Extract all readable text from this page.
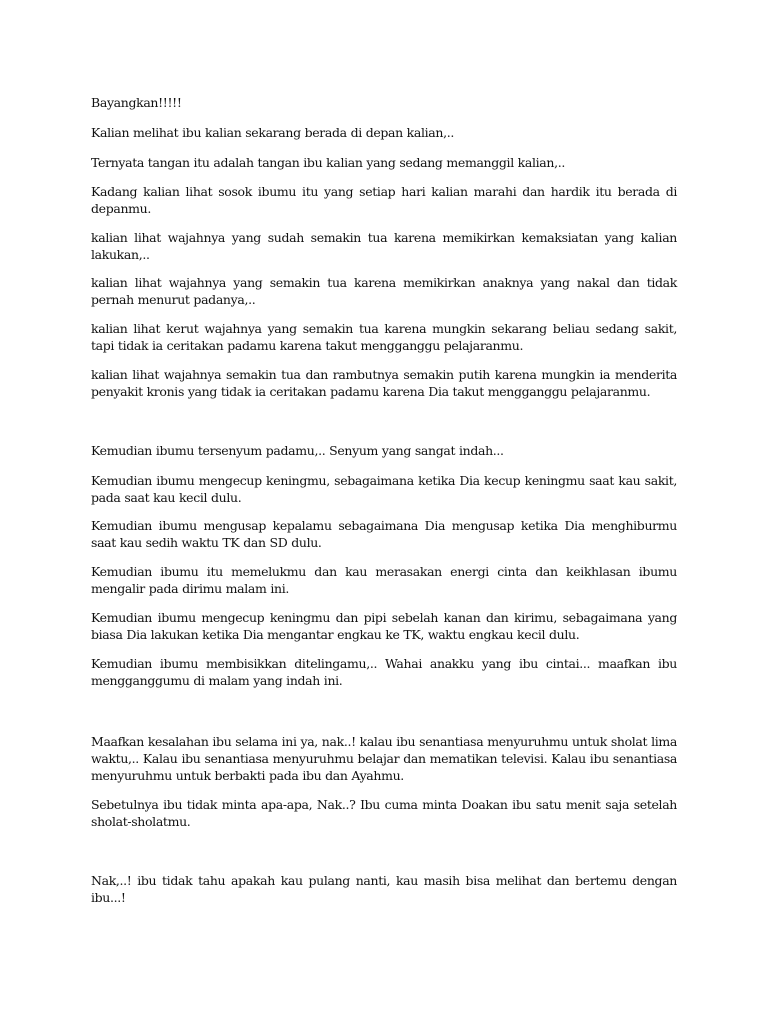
Bayangkan!!!!!

Kalian melihat ibu kalian sekarang berada di depan kalian,..

Ternyata tangan itu adalah tangan ibu kalian yang sedang memanggil kalian,..

Kadang kalian lihat sosok ibumu itu yang setiap hari kalian marahi dan hardik itu berada di depanmu.

kalian lihat wajahnya yang sudah semakin tua karena memikirkan kemaksiatan yang kalian lakukan,..

kalian lihat wajahnya yang semakin tua karena memikirkan anaknya yang nakal dan tidak pernah menurut padanya,..

kalian lihat kerut wajahnya yang semakin tua karena mungkin sekarang beliau sedang sakit, tapi tidak ia ceritakan padamu karena takut mengganggu pelajaranmu.

kalian lihat wajahnya semakin tua dan rambutnya semakin putih karena mungkin ia menderita penyakit kronis yang tidak ia ceritakan padamu karena Dia takut mengganggu pelajaranmu.

Kemudian ibumu tersenyum padamu,.. Senyum yang sangat indah...

Kemudian ibumu mengecup keningmu, sebagaimana ketika Dia kecup keningmu saat kau sakit, pada saat kau kecil dulu.

Kemudian ibumu mengusap kepalamu sebagaimana Dia mengusap ketika Dia menghiburmu saat kau sedih waktu TK dan SD dulu.

Kemudian ibumu itu memelukmu dan kau merasakan energi cinta dan keikhlasan ibumu mengalir pada dirimu malam ini.

Kemudian ibumu mengecup keningmu dan pipi sebelah kanan dan kirimu, sebagaimana yang biasa Dia lakukan ketika Dia mengantar engkau ke TK, waktu engkau kecil dulu.

Kemudian ibumu membisikkan ditelingamu,.. Wahai anakku yang ibu cintai... maafkan ibu mengganggumu di malam yang indah ini.

Maafkan kesalahan ibu selama ini ya, nak..! kalau ibu senantiasa menyuruhmu untuk sholat lima waktu,.. Kalau ibu senantiasa menyuruhmu belajar dan mematikan televisi. Kalau ibu senantiasa menyuruhmu untuk berbakti pada ibu dan Ayahmu.

Sebetulnya ibu tidak minta apa-apa, Nak..? Ibu cuma minta Doakan ibu satu menit saja setelah sholat-sholatmu.

Nak,..! ibu tidak tahu apakah kau pulang nanti, kau masih bisa melihat dan bertemu dengan ibu...!
